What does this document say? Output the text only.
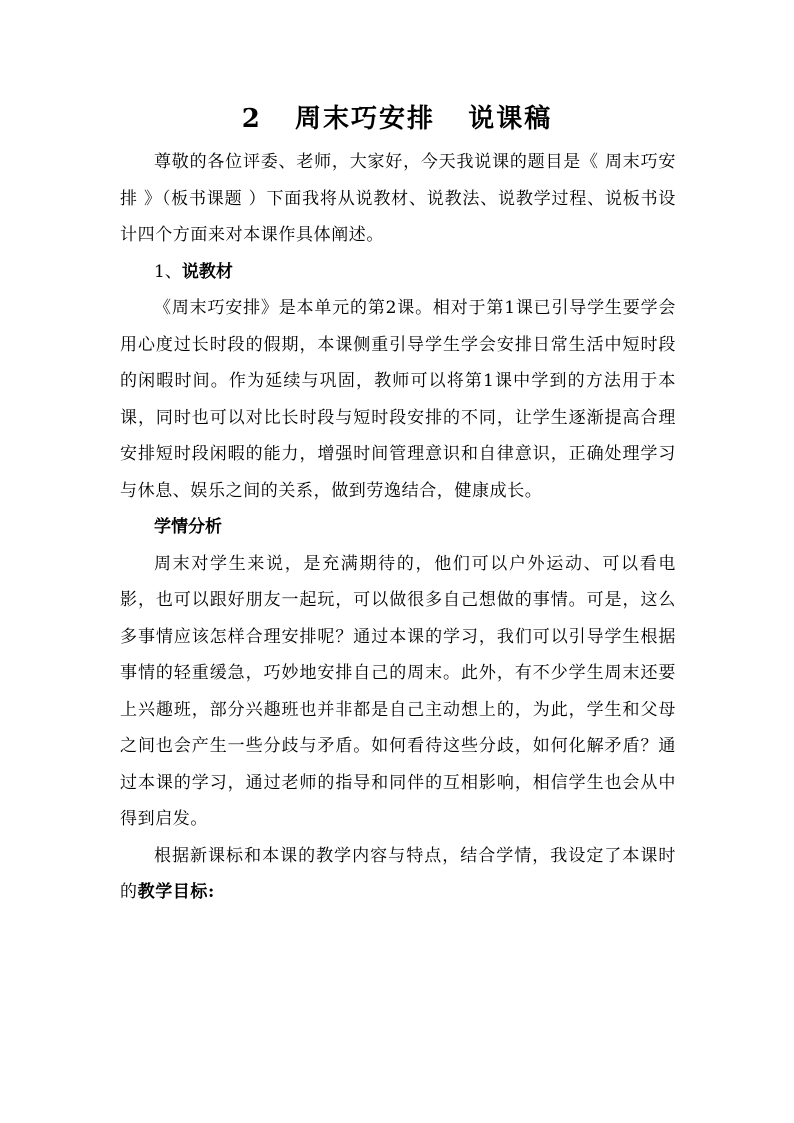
2   周末巧安排   说课稿

尊敬的各位评委、老师，大家好，今天我说课的题目是《 周末巧安排 》（板书课题 ）下面我将从说教材、说教法、说教学过程、说板书设计四个方面来对本课作具体阐述。

1、说教材

《周末巧安排》是本单元的第2课。相对于第1课已引导学生要学会用心度过长时段的假期，本课侧重引导学生学会安排日常生活中短时段的闲暇时间。作为延续与巩固，教师可以将第1课中学到的方法用于本课，同时也可以对比长时段与短时段安排的不同，让学生逐渐提高合理安排短时段闲暇的能力，增强时间管理意识和自律意识，正确处理学习与休息、娱乐之间的关系，做到劳逸结合，健康成长。

学情分析

周末对学生来说，是充满期待的，他们可以户外运动、可以看电影，也可以跟好朋友一起玩，可以做很多自己想做的事情。可是，这么多事情应该怎样合理安排呢？通过本课的学习，我们可以引导学生根据事情的轻重缓急，巧妙地安排自己的周末。此外，有不少学生周末还要上兴趣班，部分兴趣班也并非都是自己主动想上的，为此，学生和父母之间也会产生一些分歧与矛盾。如何看待这些分歧，如何化解矛盾？通过本课的学习，通过老师的指导和同伴的互相影响，相信学生也会从中得到启发。

根据新课标和本课的教学内容与特点，结合学情，我设定了本课时的教学目标:
